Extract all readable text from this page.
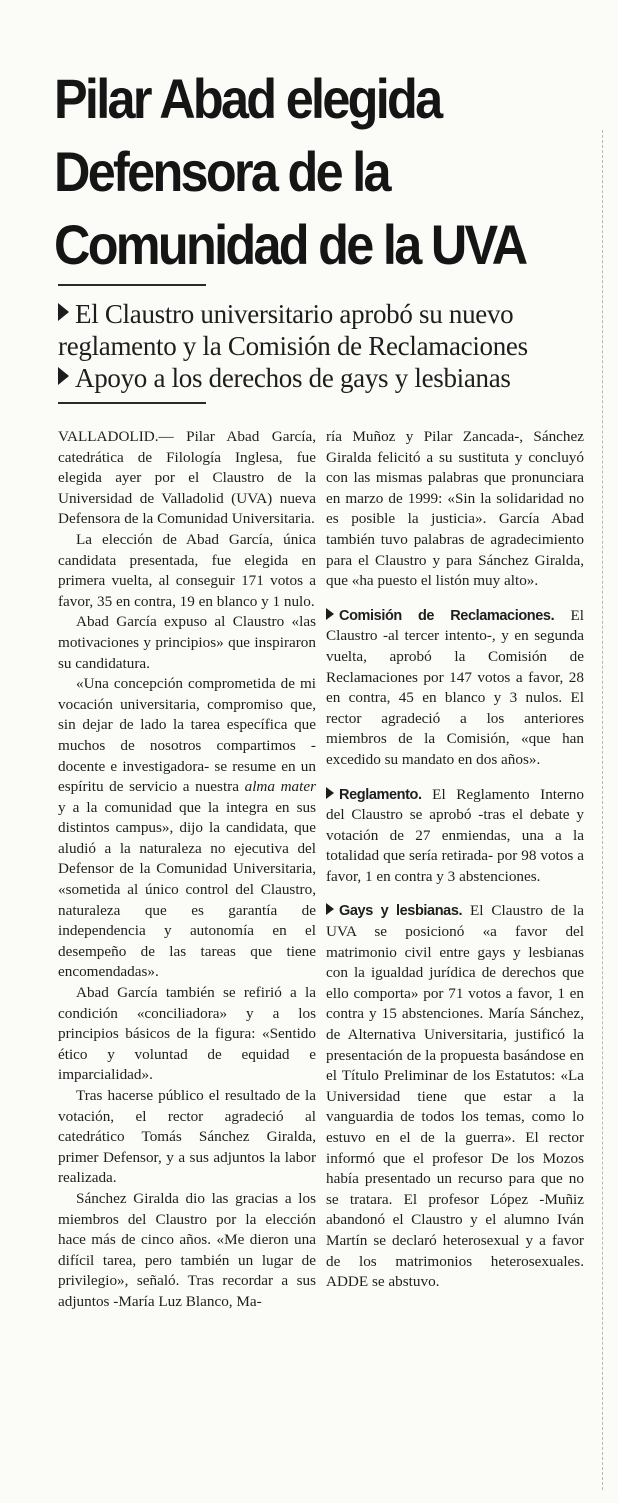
Pilar Abad elegida
Defensora de la
Comunidad de la UVA
El Claustro universitario aprobó su nuevo
reglamento y la Comisión de Reclamaciones
Apoyo a los derechos de gays y lesbianas

VALLADOLID.— Pilar Abad García, catedrática de Filología Inglesa, fue elegida ayer por el Claustro de la Universidad de Valladolid (UVA) nueva Defensora de la Comunidad Universitaria.

La elección de Abad García, única candidata presentada, fue elegida en primera vuelta, al conseguir 171 votos a favor, 35 en contra, 19 en blanco y 1 nulo.

Abad García expuso al Claustro «las motivaciones y principios» que inspiraron su candidatura.

«Una concepción comprometida de mi vocación universitaria, compromiso que, sin dejar de lado la tarea específica que muchos de nosotros compartimos -docente e investigadora- se resume en un espíritu de servicio a nuestra alma mater y a la comunidad que la integra en sus distintos campus», dijo la candidata, que aludió a la naturaleza no ejecutiva del Defensor de la Comunidad Universitaria, «sometida al único control del Claustro, naturaleza que es garantía de independencia y autonomía en el desempeño de las tareas que tiene encomendadas».

Abad García también se refirió a la condición «conciliadora» y a los principios básicos de la figura: «Sentido ético y voluntad de equidad e imparcialidad».

Tras hacerse público el resultado de la votación, el rector agradeció al catedrático Tomás Sánchez Giralda, primer Defensor, y a sus adjuntos la labor realizada.

Sánchez Giralda dio las gracias a los miembros del Claustro por la elección hace más de cinco años. «Me dieron una difícil tarea, pero también un lugar de privilegio», señaló. Tras recordar a sus adjuntos -María Luz Blanco, Ma-

ría Muñoz y Pilar Zancada-, Sánchez Giralda felicitó a su sustituta y concluyó con las mismas palabras que pronunciara en marzo de 1999: «Sin la solidaridad no es posible la justicia». García Abad también tuvo palabras de agradecimiento para el Claustro y para Sánchez Giralda, que «ha puesto el listón muy alto».

Comisión de Reclamaciones. El Claustro -al tercer intento-, y en segunda vuelta, aprobó la Comisión de Reclamaciones por 147 votos a favor, 28 en contra, 45 en blanco y 3 nulos. El rector agradeció a los anteriores miembros de la Comisión, «que han excedido su mandato en dos años».

Reglamento. El Reglamento Interno del Claustro se aprobó -tras el debate y votación de 27 enmiendas, una a la totalidad que sería retirada- por 98 votos a favor, 1 en contra y 3 abstenciones.

Gays y lesbianas. El Claustro de la UVA se posicionó «a favor del matrimonio civil entre gays y lesbianas con la igualdad jurídica de derechos que ello comporta» por 71 votos a favor, 1 en contra y 15 abstenciones. María Sánchez, de Alternativa Universitaria, justificó la presentación de la propuesta basándose en el Título Preliminar de los Estatutos: «La Universidad tiene que estar a la vanguardia de todos los temas, como lo estuvo en el de la guerra». El rector informó que el profesor De los Mozos había presentado un recurso para que no se tratara. El profesor López -Muñiz abandonó el Claustro y el alumno Iván Martín se declaró heterosexual y a favor de los matrimonios heterosexuales. ADDE se abstuvo.
